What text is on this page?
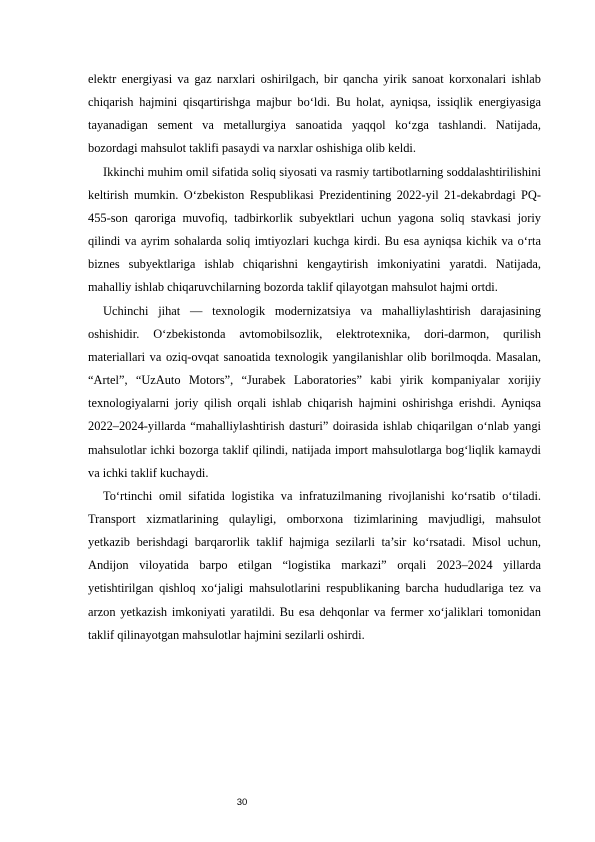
elektr energiyasi va gaz narxlari oshirilgach, bir qancha yirik sanoat korxonalari ishlab chiqarish hajmini qisqartirishga majbur bo‘ldi. Bu holat, ayniqsa, issiqlik energiyasiga tayanadigan sement va metallurgiya sanoatida yaqqol ko‘zga tashlandi. Natijada, bozordagi mahsulot taklifi pasaydi va narxlar oshishiga olib keldi.

Ikkinchi muhim omil sifatida soliq siyosati va rasmiy tartibotlarning soddalashtirilishini keltirish mumkin. O‘zbekiston Respublikasi Prezidentining 2022-yil 21-dekabrdagi PQ-455-son qaroriga muvofiq, tadbirkorlik subyektlari uchun yagona soliq stavkasi joriy qilindi va ayrim sohalarda soliq imtiyozlari kuchga kirdi. Bu esa ayniqsa kichik va o‘rta biznes subyektlariga ishlab chiqarishni kengaytirish imkoniyatini yaratdi. Natijada, mahalliy ishlab chiqaruvchilarning bozorda taklif qilayotgan mahsulot hajmi ortdi.

Uchinchi jihat — texnologik modernizatsiya va mahalliylashtirish darajasining oshishidir. O‘zbekistonda avtomobilsozlik, elektrotexnika, dori-darmon, qurilish materiallari va oziq-ovqat sanoatida texnologik yangilanishlar olib borilmoqda. Masalan, “Artel”, “UzAuto Motors”, “Jurabek Laboratories” kabi yirik kompaniyalar xorijiy texnologiyalarni joriy qilish orqali ishlab chiqarish hajmini oshirishga erishdi. Ayniqsa 2022–2024-yillarda “mahalliylashtirish dasturi” doirasida ishlab chiqarilgan o‘nlab yangi mahsulotlar ichki bozorga taklif qilindi, natijada import mahsulotlarga bog‘liqlik kamaydi va ichki taklif kuchaydi.

To‘rtinchi omil sifatida logistika va infratuzilmaning rivojlanishi ko‘rsatib o‘tiladi. Transport xizmatlarining qulayligi, omborxona tizimlarining mavjudligi, mahsulot yetkazib berishdagi barqarorlik taklif hajmiga sezilarli ta’sir ko‘rsatadi. Misol uchun, Andijon viloyatida barpo etilgan “logistika markazi” orqali 2023–2024 yillarda yetishtirilgan qishloq xo‘jaligi mahsulotlarini respublikaning barcha hududlariga tez va arzon yetkazish imkoniyati yaratildi. Bu esa dehqonlar va fermer xo‘jaliklari tomonidan taklif qilinayotgan mahsulotlar hajmini sezilarli oshirdi.

30
